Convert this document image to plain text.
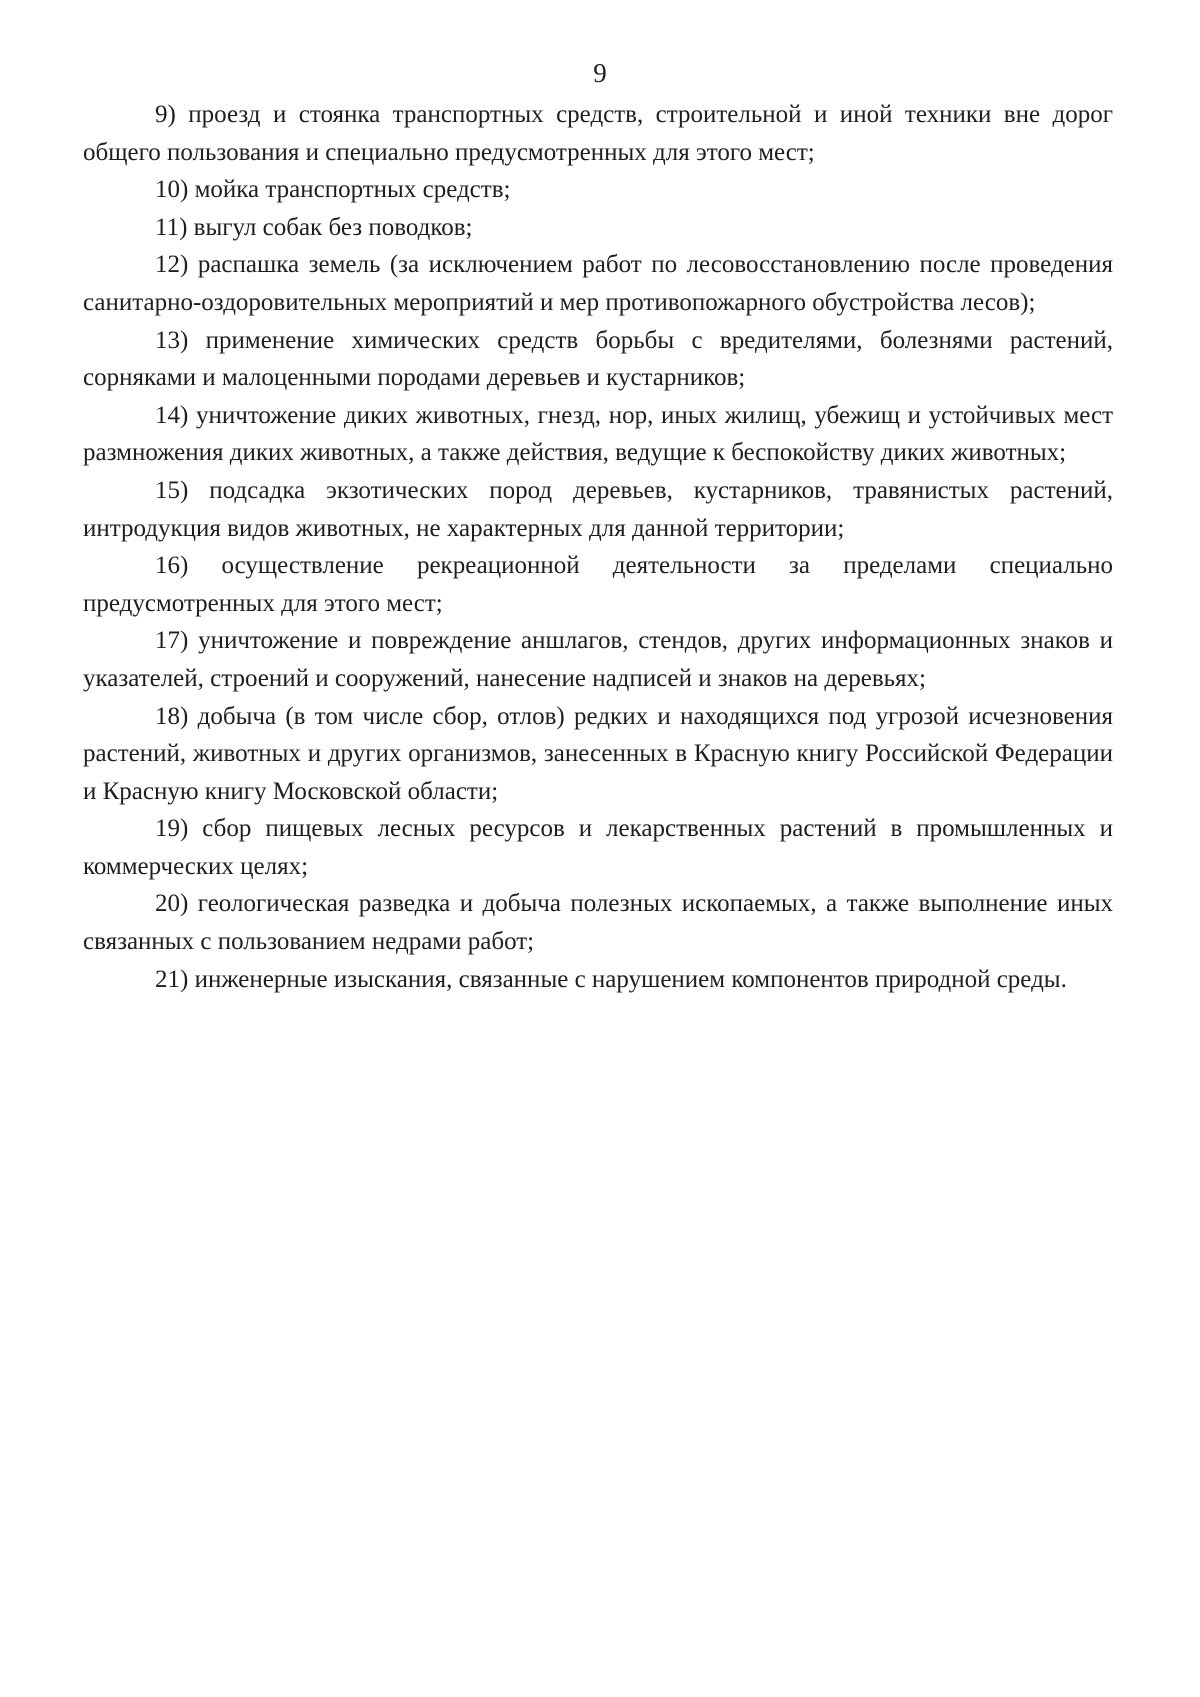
9

9) проезд и стоянка транспортных средств, строительной и иной техники вне дорог общего пользования и специально предусмотренных для этого мест;

10) мойка транспортных средств;

11) выгул собак без поводков;

12) распашка земель (за исключением работ по лесовосстановлению после проведения санитарно-оздоровительных мероприятий и мер противопожарного обустройства лесов);

13) применение химических средств борьбы с вредителями, болезнями растений, сорняками и малоценными породами деревьев и кустарников;

14) уничтожение диких животных, гнезд, нор, иных жилищ, убежищ и устойчивых мест размножения диких животных, а также действия, ведущие к беспокойству диких животных;

15) подсадка экзотических пород деревьев, кустарников, травянистых растений, интродукция видов животных, не характерных для данной территории;

16) осуществление рекреационной деятельности за пределами специально предусмотренных для этого мест;

17) уничтожение и повреждение аншлагов, стендов, других информационных знаков и указателей, строений и сооружений, нанесение надписей и знаков на деревьях;

18) добыча (в том числе сбор, отлов) редких и находящихся под угрозой исчезновения растений, животных и других организмов, занесенных в Красную книгу Российской Федерации и Красную книгу Московской области;

19) сбор пищевых лесных ресурсов и лекарственных растений в промышленных и коммерческих целях;

20) геологическая разведка и добыча полезных ископаемых, а также выполнение иных связанных с пользованием недрами работ;

21) инженерные изыскания, связанные с нарушением компонентов природной среды.
